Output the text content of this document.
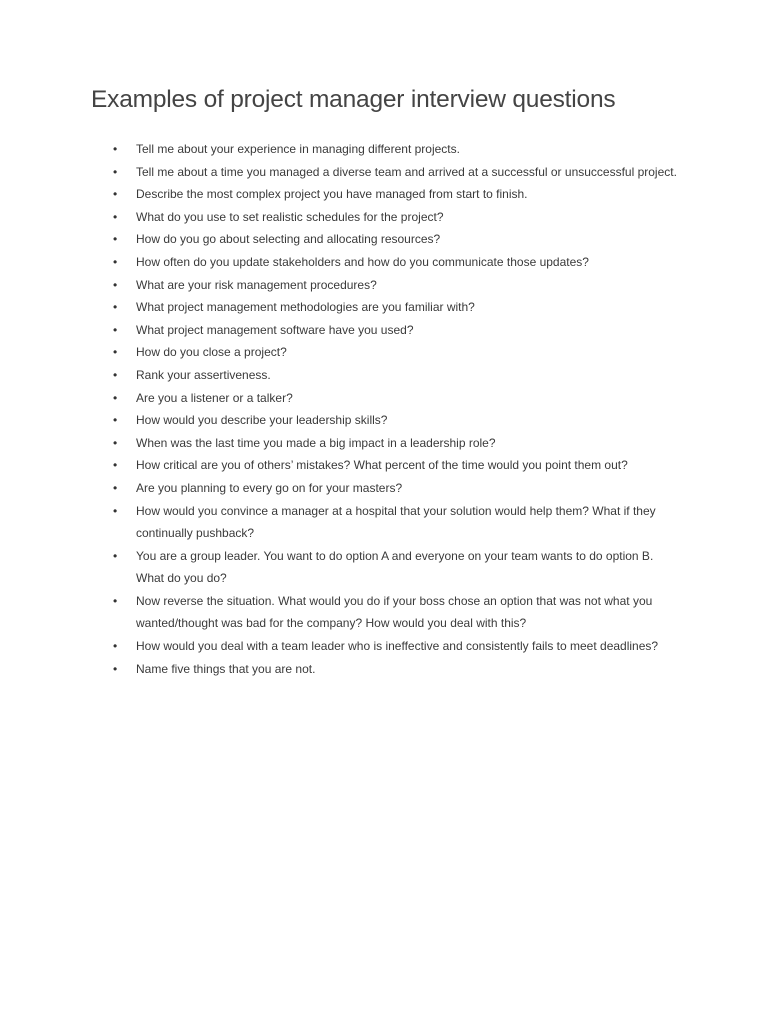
Examples of project manager interview questions
• Tell me about your experience in managing different projects.
• Tell me about a time you managed a diverse team and arrived at a successful or unsuccessful project.
• Describe the most complex project you have managed from start to finish.
• What do you use to set realistic schedules for the project?
• How do you go about selecting and allocating resources?
• How often do you update stakeholders and how do you communicate those updates?
• What are your risk management procedures?
• What project management methodologies are you familiar with?
• What project management software have you used?
• How do you close a project?
• Rank your assertiveness.
• Are you a listener or a talker?
• How would you describe your leadership skills?
• When was the last time you made a big impact in a leadership role?
• How critical are you of others’ mistakes? What percent of the time would you point them out?
• Are you planning to every go on for your masters?
• How would you convince a manager at a hospital that your solution would help them? What if they
continually pushback?
• You are a group leader. You want to do option A and everyone on your team wants to do option B.
What do you do?
• Now reverse the situation. What would you do if your boss chose an option that was not what you
wanted/thought was bad for the company? How would you deal with this?
• How would you deal with a team leader who is ineffective and consistently fails to meet deadlines?
• Name five things that you are not.
